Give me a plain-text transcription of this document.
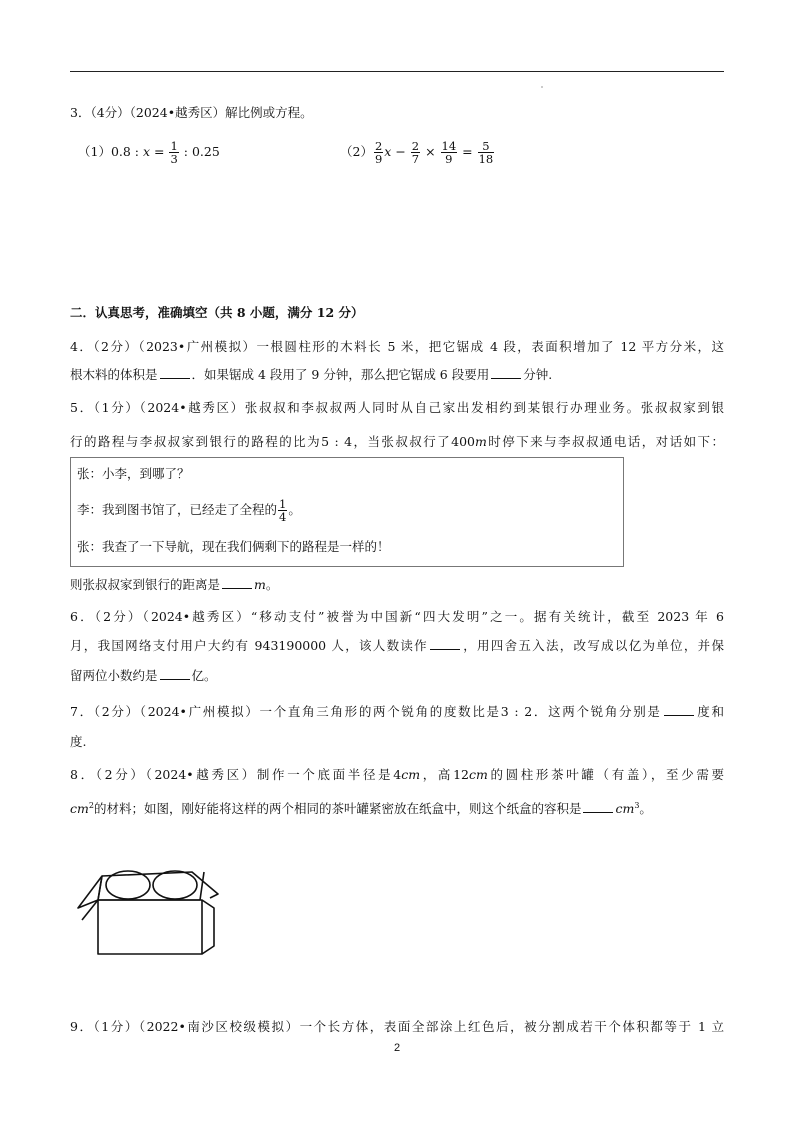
3．（4分）（2024•越秀区）解比例或方程。
（1）0.8 : $x = \frac{1}{3}$ : 0.25	$(2) \frac{2}{9}$ $x - \frac{2}{7} \times \frac{14}{9} = \frac{5}{18}$
二．认真思考，准确填空（共 8 小题，满分 12 分）
4．（2分）（2023•广州模拟）一根圆柱形的木料长 5 米，把它锯成 4 段，表面积增加了 12 平方分米，这
根木料的体积是	．如果锯成 4 段用了 9 分钟，那么把它锯成 6 段要用	分钟.
5．（1分）（2024•越秀区）张叔叔和李叔叔两人同时从自己家出发相约到某银行办理业务。张叔叔家到银
行的路程与李叔叔家到银行的路程的比为5 : 4，当张叔叔行了400m时停下来与李叔叔通电话，对话如下：
张：小李，到哪了？
李：我到图书馆了，已经走了全程的 $\frac{1}{4}$ 。
张：我查了一下导航，现在我们俩剩下的路程是一样的！
则张叔叔家到银行的距离是	m。
6．（2分）（2024•越秀区）“移动支付”被誉为中国新“四大发明”之一。据有关统计，截至 2023 年 6
月，我国网络支付用户大约有 943190000 人，该人数读作	，用四舍五入法，改写成以亿为单位，并保
留两位小数约是	亿。
7．（2分）（2024•广州模拟）一个直角三角形的两个锐角的度数比是3 : 2．这两个锐角分别是	度和
度.
8．（2分）（2024•越秀区）制作一个底面半径是4cm，高12cm的圆柱形茶叶罐（有盖），至少需要
$cm^2$的材料；如图，刚好能将这样的两个相同的茶叶罐紧密放在纸盒中，则这个纸盒的容积是	$cm^3$。
9．（1分）（2022•南沙区校级模拟）一个长方体，表面全部涂上红色后，被分割成若干个体积都等于 1 立
2
